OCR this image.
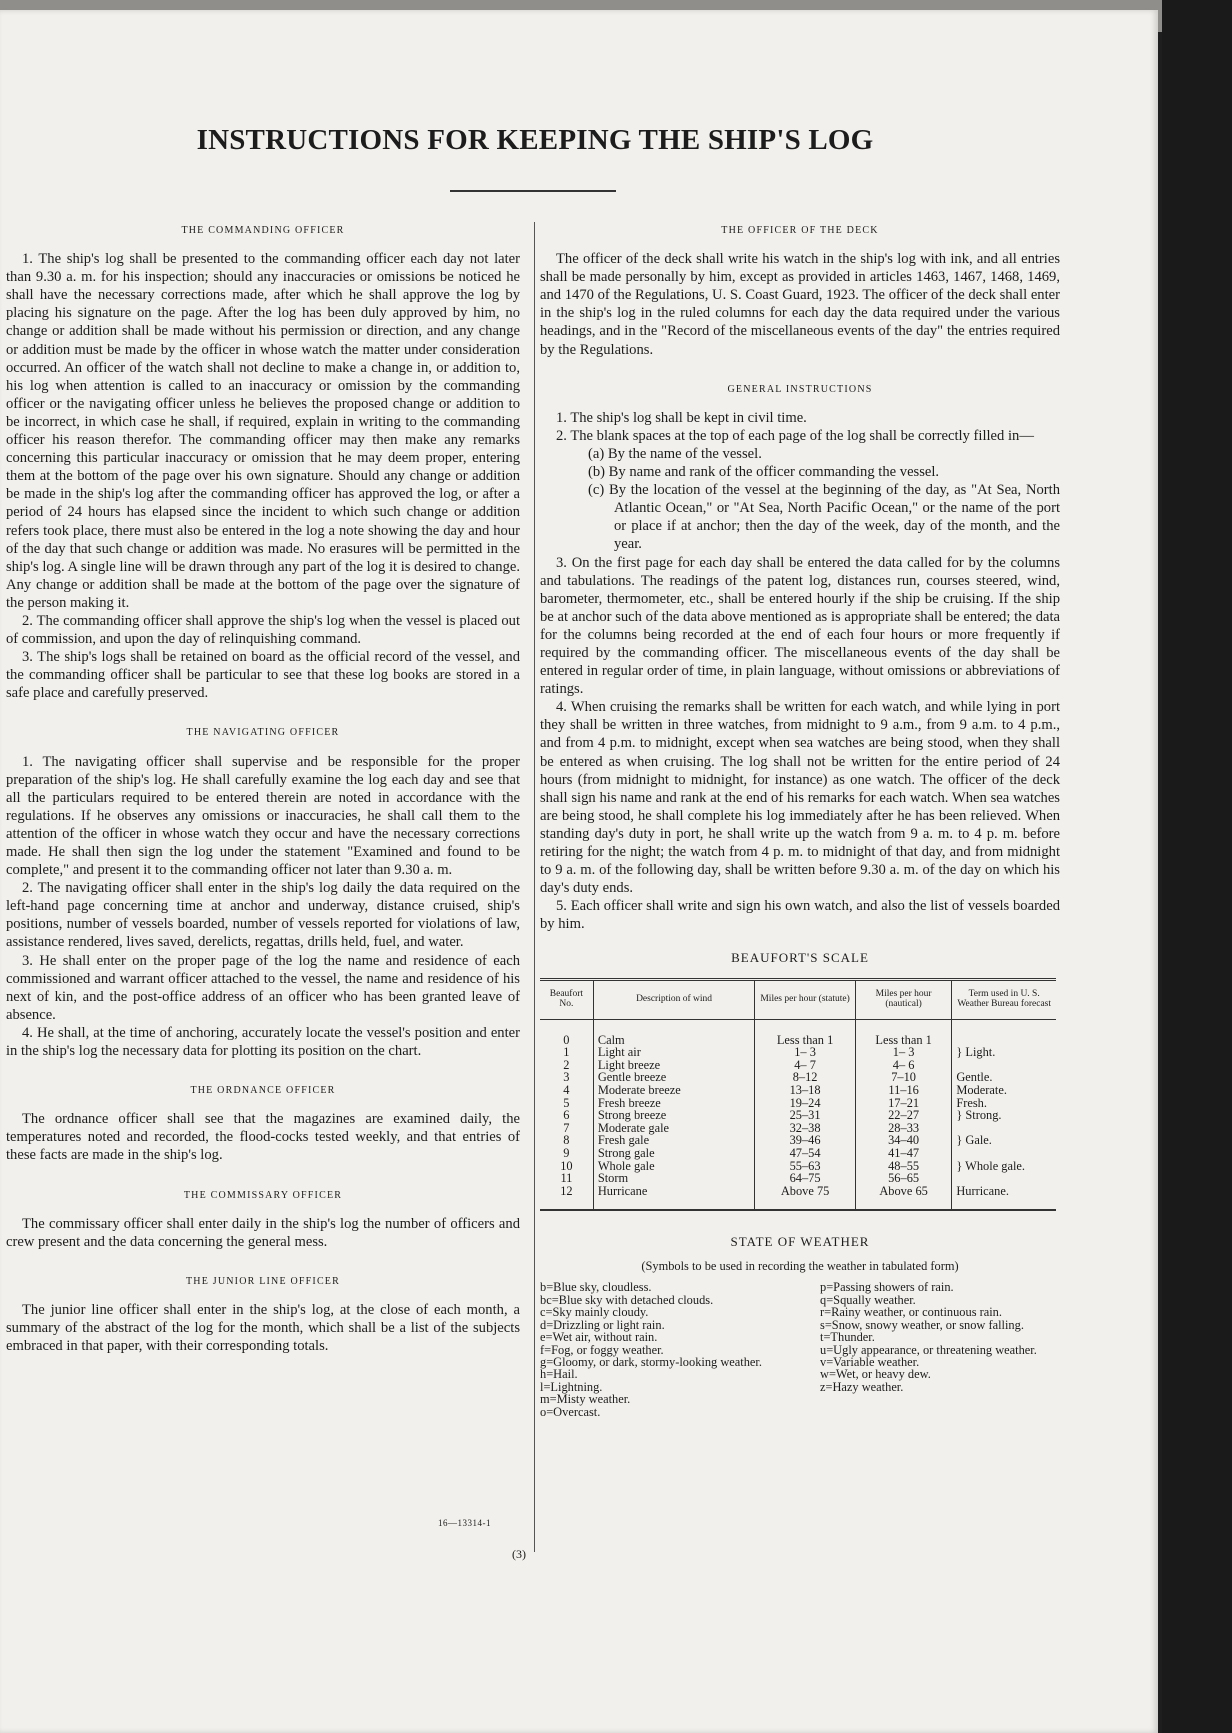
INSTRUCTIONS FOR KEEPING THE SHIP'S LOG
THE COMMANDING OFFICER

1. The ship's log shall be presented to the commanding officer each day not later than 9.30 a. m. for his inspection; should any inaccuracies or omissions be noticed he shall have the necessary corrections made, after which he shall approve the log by placing his signature on the page. After the log has been duly approved by him, no change or addition shall be made without his permission or direction, and any change or addition must be made by the officer in whose watch the matter under consideration occurred. An officer of the watch shall not decline to make a change in, or addition to, his log when attention is called to an inaccuracy or omission by the commanding officer or the navigating officer unless he believes the proposed change or addition to be incorrect, in which case he shall, if required, explain in writing to the commanding officer his reason therefor. The commanding officer may then make any remarks concerning this particular inaccuracy or omission that he may deem proper, entering them at the bottom of the page over his own signature. Should any change or addition be made in the ship's log after the commanding officer has approved the log, or after a period of 24 hours has elapsed since the incident to which such change or addition refers took place, there must also be entered in the log a note showing the day and hour of the day that such change or addition was made. No erasures will be permitted in the ship's log. A single line will be drawn through any part of the log it is desired to change. Any change or addition shall be made at the bottom of the page over the signature of the person making it.

2. The commanding officer shall approve the ship's log when the vessel is placed out of commission, and upon the day of relinquishing command.

3. The ship's logs shall be retained on board as the official record of the vessel, and the commanding officer shall be particular to see that these log books are stored in a safe place and carefully preserved.

THE NAVIGATING OFFICER

1. The navigating officer shall supervise and be responsible for the proper preparation of the ship's log. He shall carefully examine the log each day and see that all the particulars required to be entered therein are noted in accordance with the regulations. If he observes any omissions or inaccuracies, he shall call them to the attention of the officer in whose watch they occur and have the necessary corrections made. He shall then sign the log under the statement "Examined and found to be complete," and present it to the commanding officer not later than 9.30 a. m.

2. The navigating officer shall enter in the ship's log daily the data required on the left-hand page concerning time at anchor and underway, distance cruised, ship's positions, number of vessels boarded, number of vessels reported for violations of law, assistance rendered, lives saved, derelicts, regattas, drills held, fuel, and water.

3. He shall enter on the proper page of the log the name and residence of each commissioned and warrant officer attached to the vessel, the name and residence of his next of kin, and the post-office address of an officer who has been granted leave of absence.

4. He shall, at the time of anchoring, accurately locate the vessel's position and enter in the ship's log the necessary data for plotting its position on the chart.

THE ORDNANCE OFFICER

The ordnance officer shall see that the magazines are examined daily, the temperatures noted and recorded, the flood-cocks tested weekly, and that entries of these facts are made in the ship's log.

THE COMMISSARY OFFICER

The commissary officer shall enter daily in the ship's log the number of officers and crew present and the data concerning the general mess.

THE JUNIOR LINE OFFICER

The junior line officer shall enter in the ship's log, at the close of each month, a summary of the abstract of the log for the month, which shall be a list of the subjects embraced in that paper, with their corresponding totals.

THE OFFICER OF THE DECK

The officer of the deck shall write his watch in the ship's log with ink, and all entries shall be made personally by him, except as provided in articles 1463, 1467, 1468, 1469, and 1470 of the Regulations, U. S. Coast Guard, 1923. The officer of the deck shall enter in the ship's log in the ruled columns for each day the data required under the various headings, and in the "Record of the miscellaneous events of the day" the entries required by the Regulations.

GENERAL INSTRUCTIONS

1. The ship's log shall be kept in civil time.

2. The blank spaces at the top of each page of the log shall be correctly filled in—

(a) By the name of the vessel.

(b) By name and rank of the officer commanding the vessel.

(c) By the location of the vessel at the beginning of the day, as "At Sea, North Atlantic Ocean," or "At Sea, North Pacific Ocean," or the name of the port or place if at anchor; then the day of the week, day of the month, and the year.

3. On the first page for each day shall be entered the data called for by the columns and tabulations. The readings of the patent log, distances run, courses steered, wind, barometer, thermometer, etc., shall be entered hourly if the ship be cruising. If the ship be at anchor such of the data above mentioned as is appropriate shall be entered; the data for the columns being recorded at the end of each four hours or more frequently if required by the commanding officer. The miscellaneous events of the day shall be entered in regular order of time, in plain language, without omissions or abbreviations of ratings.

4. When cruising the remarks shall be written for each watch, and while lying in port they shall be written in three watches, from midnight to 9 a.m., from 9 a.m. to 4 p.m., and from 4 p.m. to midnight, except when sea watches are being stood, when they shall be entered as when cruising. The log shall not be written for the entire period of 24 hours (from midnight to midnight, for instance) as one watch. The officer of the deck shall sign his name and rank at the end of his remarks for each watch. When sea watches are being stood, he shall complete his log immediately after he has been relieved. When standing day's duty in port, he shall write up the watch from 9 a. m. to 4 p. m. before retiring for the night; the watch from 4 p. m. to midnight of that day, and from midnight to 9 a. m. of the following day, shall be written before 9.30 a. m. of the day on which his day's duty ends.

5. Each officer shall write and sign his own watch, and also the list of vessels boarded by him.

BEAUFORT'S SCALE
Beaufort No.	Description of wind	Miles per hour (statute)	Miles per hour (nautical)	Term used in U. S. Weather Bureau forecast
0	Calm	Less than 1	Less than 1	
1	Light air	1– 3	1– 3	} Light.
2	Light breeze	4– 7	4– 6	
3	Gentle breeze	8–12	7–10	Gentle.
4	Moderate breeze	13–18	11–16	Moderate.
5	Fresh breeze	19–24	17–21	Fresh.
6	Strong breeze	25–31	22–27	} Strong.
7	Moderate gale	32–38	28–33	
8	Fresh gale	39–46	34–40	} Gale.
9	Strong gale	47–54	41–47	
10	Whole gale	55–63	48–55	} Whole gale.
11	Storm	64–75	56–65	
12	Hurricane	Above 75	Above 65	Hurricane.
STATE OF WEATHER
(Symbols to be used in recording the weather in tabulated form)

b=Blue sky, cloudless.

bc=Blue sky with detached clouds.

c=Sky mainly cloudy.

d=Drizzling or light rain.

e=Wet air, without rain.

f=Fog, or foggy weather.

g=Gloomy, or dark, stormy-looking weather.

h=Hail.

l=Lightning.

m=Misty weather.

o=Overcast.

p=Passing showers of rain.

q=Squally weather.

r=Rainy weather, or continuous rain.

s=Snow, snowy weather, or snow falling.

t=Thunder.

u=Ugly appearance, or threatening weather.

v=Variable weather.

w=Wet, or heavy dew.

z=Hazy weather.

16—13314-1
(3)
